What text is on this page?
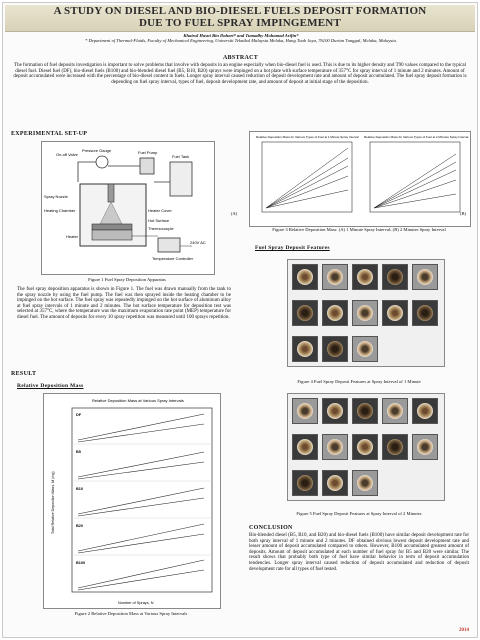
A STUDY ON DIESEL AND BIO-DIESEL FUELS DEPOSIT FORMATION
DUE TO FUEL SPRAY IMPINGEMENT
Khairul Hasni Bin Dahari* and Tumadhy Mohamad Arifin*
* Department of Thermal-Fluids, Faculty of Mechanical Engineering, Universiti Teknikal Malaysia Melaka, Hang Tuah Jaya, 76100 Durian Tunggal, Melaka, Malaysia.
ABSTRACT
The formation of fuel deposits investigation is important to solve problems that involve with deposits in an engine especially when bio-diesel fuel is used. This is due to its higher density and T90 values compared to the typical diesel fuel. Diesel fuel (DF), bio-diesel fuels (B100) and bio-blended diesel fuel (B5, B10, B20) sprays were impinged on a hot plate with surface temperature of 357°C for spray interval of 1 minute and 2 minutes. Amount of deposit accumulated were increased with the percentage of bio-diesel content in fuels. Longer spray interval caused reduction of deposit development rate and amount of deposit accumulated. The fuel spray deposit formation is depending on fuel spray interval, types of fuel, deposit development rate, and amount of deposit at initial stage of the deposition.
EXPERIMENTAL SET-UP
On-off Valve	Fuel Pump
Pressure Gauge
Fuel Tank
Spray Nozzle
Heating Chamber	Heater Cover
Hot Surface
Thermocouple
Heater
Temperature Controller
240V AC
Figure 1 Fuel Spray Deposition Apparatus
The fuel spray deposition apparatus is shown in Figure 1. The fuel was drawn manually from the tank to the spray nozzle by using the fuel pump. The fuel was then sprayed inside the heating chamber to be impinged on the hot surface. The fuel spray was repeatedly impinged on the hot surface of aluminum alloy at fuel spray intervals of 1 minute and 2 minutes. The hot surface temperature for deposition test was selected at 357°C, where the temperature was the maximum evaporation rate point (MEP) temperature for diesel fuel. The amount of deposits for every 10 spray repetition was measured until 100 sprays repetition.
RESULT
Relative Deposition Mass
Relative Deposition Mass at Various Spray Intervals
Total Relative Deposition Mass, M (mg)
Number of Sprays, N
DF
B5
B10
B20
B100
Figure 2 Relative Deposition Mass at Various Spray Intervals
Relative Deposition Mass for Various Types of Fuel at 1 Minute Spray Interval Relative Deposition Mass for Various Types of Fuel at 2 Minutes Spray Interval
(A)	(B)
Figure 3 Relative Deposition Mass: (A) 1 Minute Spray Interval; (B) 2 Minutes Spray Interval
Fuel Spray Deposit Features
Figure 4 Fuel Spray Deposit Features at Spray Interval of 1 Minute
Figure 5 Fuel Spray Deposit Features at Spray Interval of 2 Minutes
CONCLUSION
Bio-blended diesel (B5, B10, and B20) and bio-diesel fuels (B100) have similar deposit development rate for both spray interval of 1 minute and 2 minutes. DF obtained obvious lowest deposit development rate and lesser amount of deposit accumulated compared to others. However, B100 accumulated greatest amount of deposits. Amount of deposit accumulated at each number of fuel spray for B5 and B20 were similar. The result shows that probably both type of fuel have similar behavior in term of deposit accumulation tendencies. Longer spray interval caused reduction of deposit accumulated and reduction of deposit development rate for all types of fuel tested.
2014
